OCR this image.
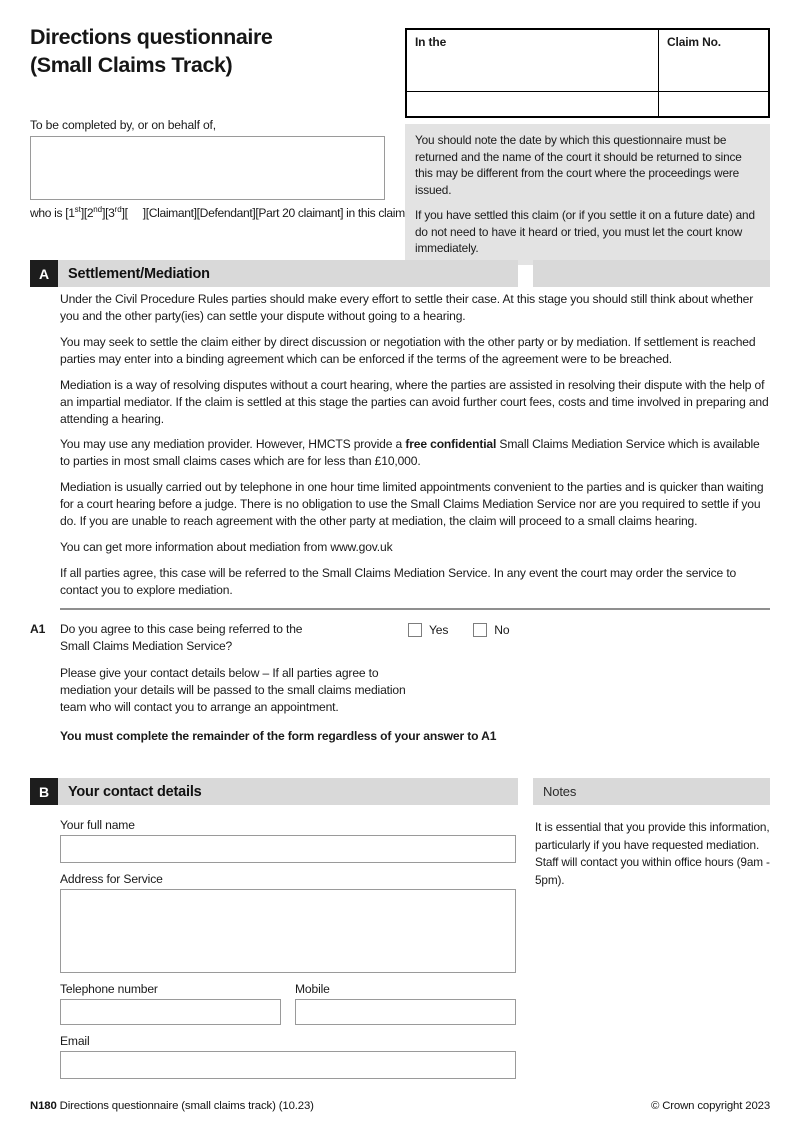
Directions questionnaire
(Small Claims Track)
In the	Claim No.

You should note the date by which this questionnaire must be returned and the name of the court it should be returned to since this may be different from the court where the proceedings were issued.

If you have settled this claim (or if you settle it on a future date) and do not need to have it heard or tried, you must let the court know immediately.

To be completed by, or on behalf of,
who is [1st][2nd][3rd][     ][Claimant][Defendant][Part 20 claimant] in this claim
A	Settlement/Mediation

Under the Civil Procedure Rules parties should make every effort to settle their case. At this stage you should still think about whether you and the other party(ies) can settle your dispute without going to a hearing.

You may seek to settle the claim either by direct discussion or negotiation with the other party or by mediation. If settlement is reached parties may enter into a binding agreement which can be enforced if the terms of the agreement were to be breached.

Mediation is a way of resolving disputes without a court hearing, where the parties are assisted in resolving their dispute with the help of an impartial mediator. If the claim is settled at this stage the parties can avoid further court fees, costs and time involved in preparing and attending a hearing.

You may use any mediation provider. However, HMCTS provide a free confidential Small Claims Mediation Service which is available to parties in most small claims cases which are for less than £10,000.

Mediation is usually carried out by telephone in one hour time limited appointments convenient to the parties and is quicker than waiting for a court hearing before a judge. There is no obligation to use the Small Claims Mediation Service nor are you required to settle if you do. If you are unable to reach agreement with the other party at mediation, the claim will proceed to a small claims hearing.

You can get more information about mediation from www.gov.uk

If all parties agree, this case will be referred to the Small Claims Mediation Service. In any event the court may order the service to contact you to explore mediation.

A1	Do you agree to this case being referred to the
Small Claims Mediation Service?
Yes	No

Please give your contact details below – If all parties agree to mediation your details will be passed to the small claims mediation team who will contact you to arrange an appointment.

You must complete the remainder of the form regardless of your answer to A1

B	Your contact details	Notes
It is essential that you provide this information, particularly if you have requested mediation. Staff will contact you within office hours (9am - 5pm).
Your full name
Address for Service
Telephone number	Mobile
Email
N180 Directions questionnaire (small claims track) (10.23)	© Crown copyright 2023
